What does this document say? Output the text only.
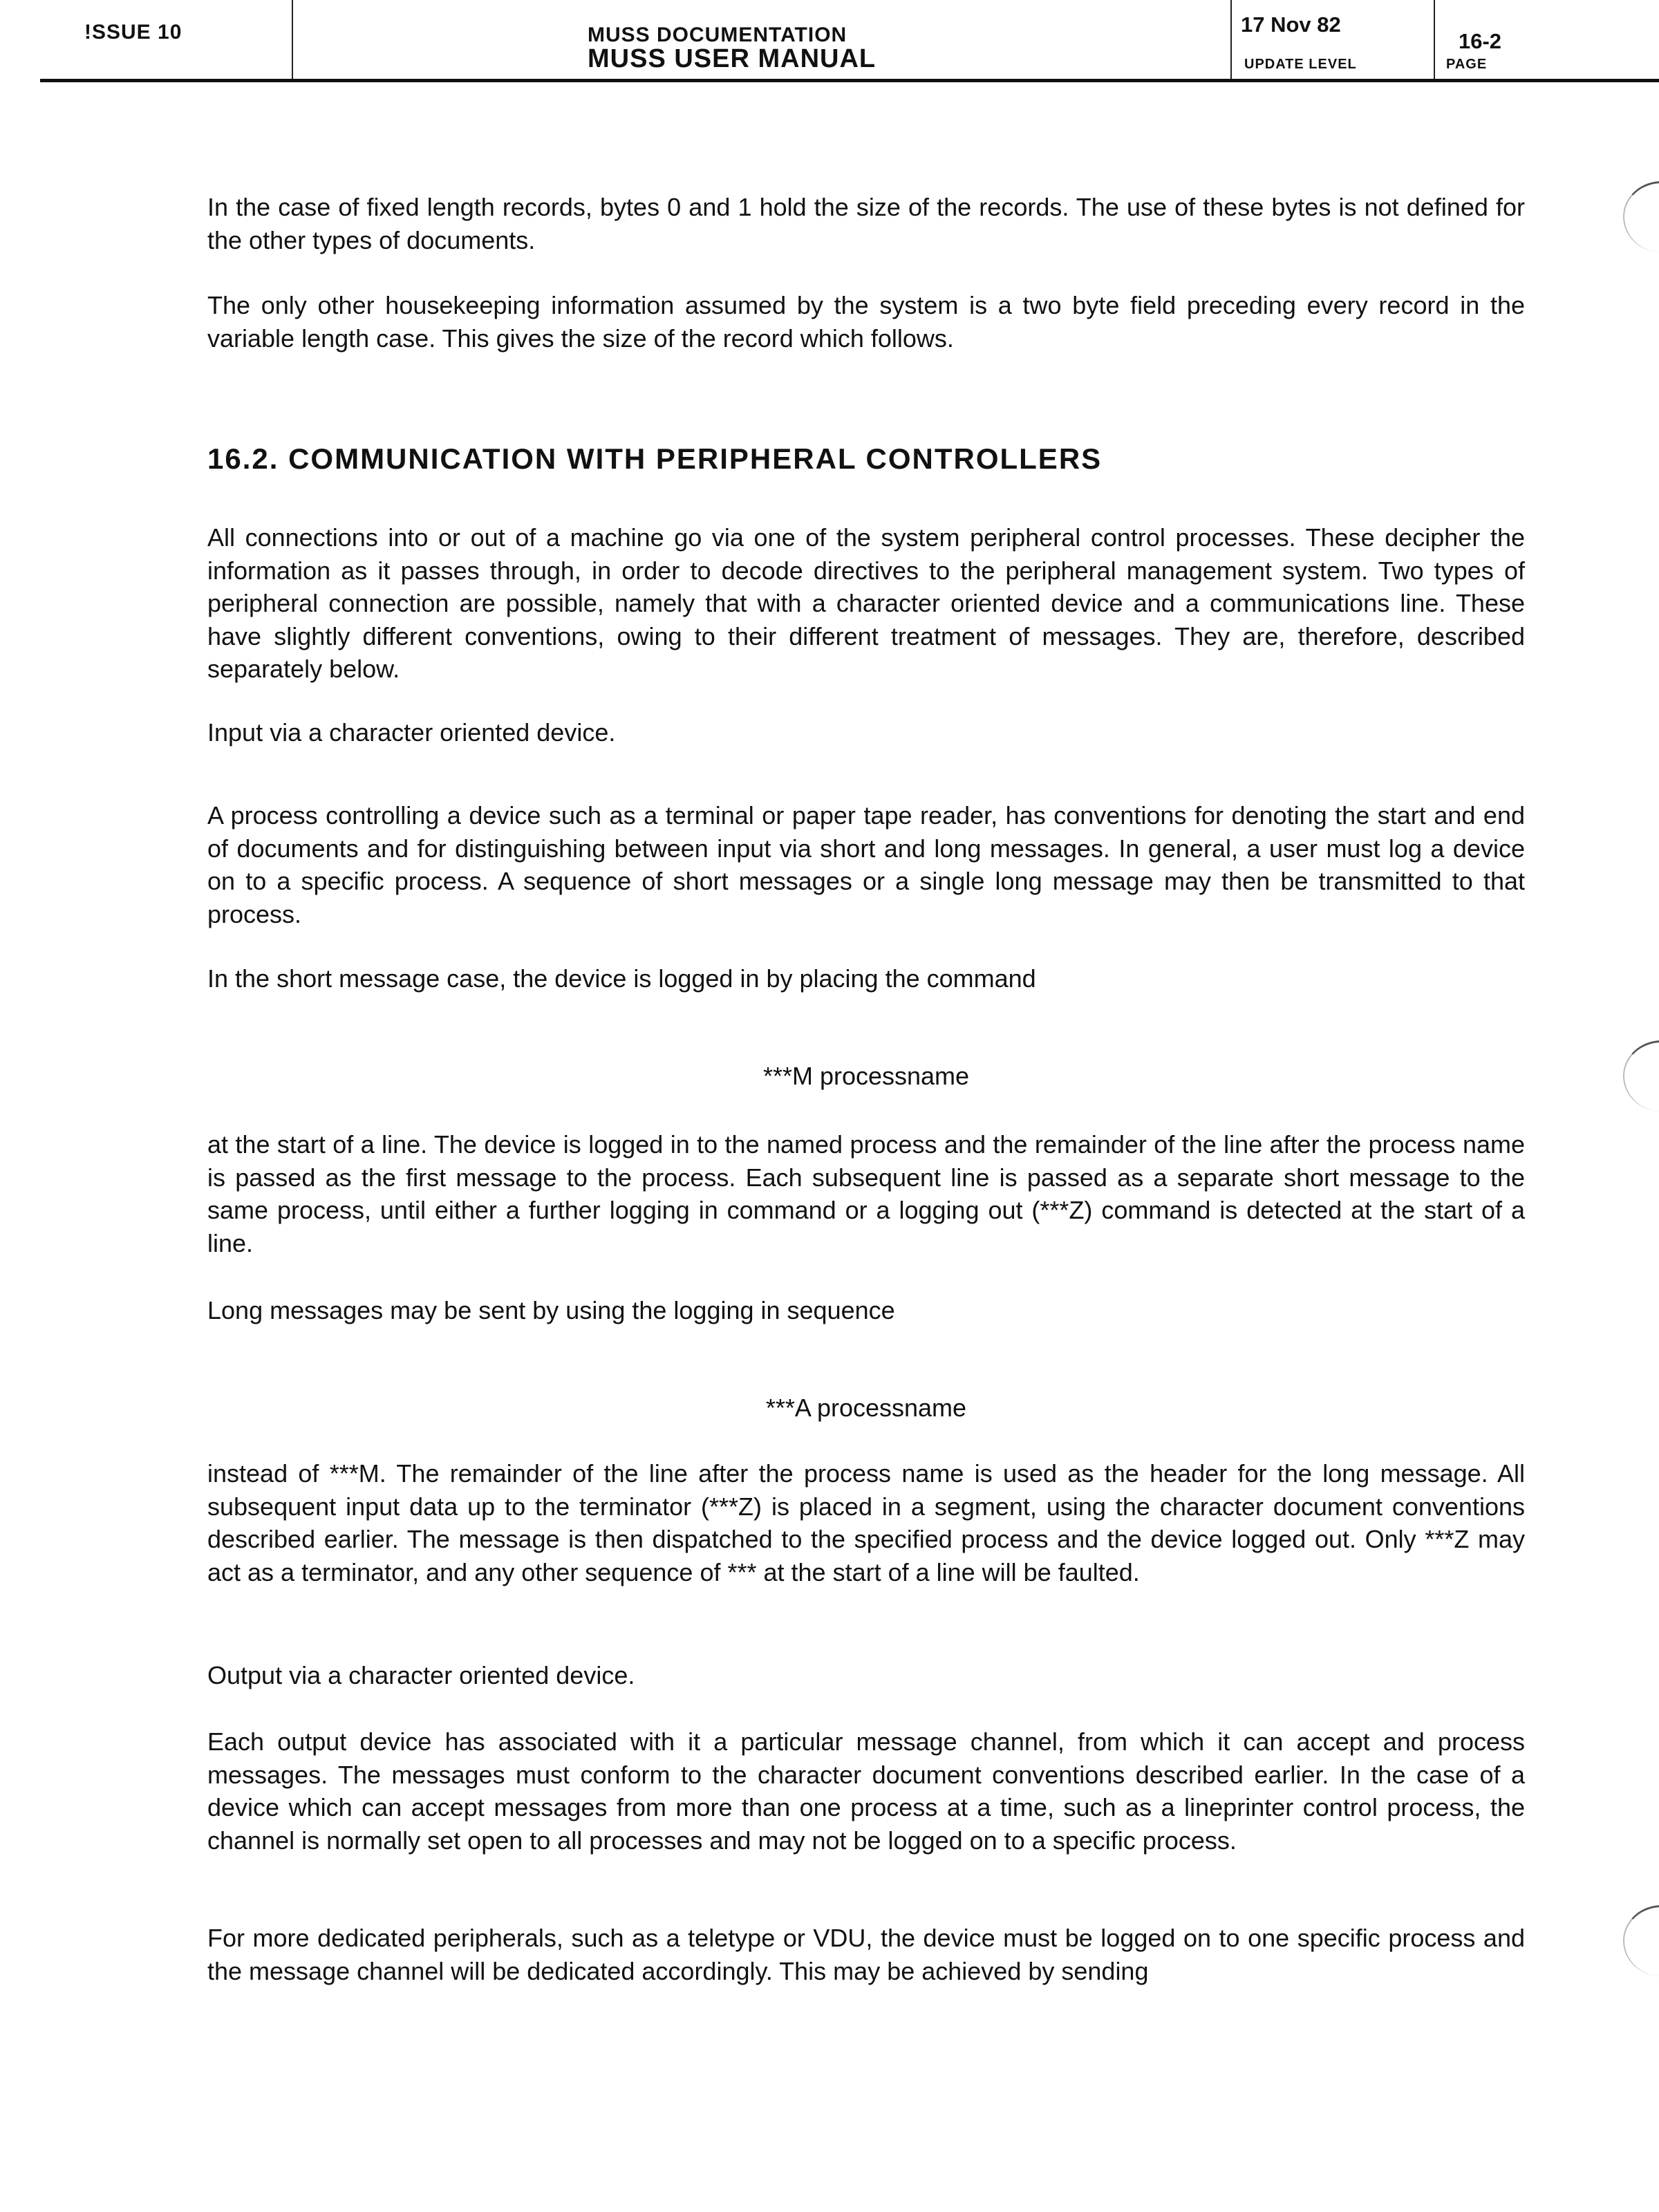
!SSUE 10	MUSS DOCUMENTATION
MUSS USER MANUAL
17 Nov 82
UPDATE LEVEL
16-2
PAGE

In the case of fixed length records, bytes 0 and 1 hold the size of the records. The use of these bytes is not defined for the other types of documents.

The only other housekeeping information assumed by the system is a two byte field preceding every record in the variable length case. This gives the size of the record which follows.

16.2. COMMUNICATION WITH PERIPHERAL CONTROLLERS

All connections into or out of a machine go via one of the system peripheral control processes. These decipher the information as it passes through, in order to decode directives to the peripheral management system. Two types of peripheral connection are possible, namely that with a character oriented device and a communications line. These have slightly different conventions, owing to their different treatment of messages. They are, therefore, described separately below.

Input via a character oriented device.

A process controlling a device such as a terminal or paper tape reader, has conventions for denoting the start and end of documents and for distinguishing between input via short and long messages. In general, a user must log a device on to a specific process. A sequence of short messages or a single long message may then be transmitted to that process.

In the short message case, the device is logged in by placing the command

***M processname

at the start of a line. The device is logged in to the named process and the remainder of the line after the process name is passed as the first message to the process. Each subsequent line is passed as a separate short message to the same process, until either a further logging in command or a logging out (***Z) command is detected at the start of a line.

Long messages may be sent by using the logging in sequence

***A processname

instead of ***M. The remainder of the line after the process name is used as the header for the long message. All subsequent input data up to the terminator (***Z) is placed in a segment, using the character document conventions described earlier. The message is then dispatched to the specified process and the device logged out. Only ***Z may act as a terminator, and any other sequence of *** at the start of a line will be faulted.

Output via a character oriented device.

Each output device has associated with it a particular message channel, from which it can accept and process messages. The messages must conform to the character document conventions described earlier. In the case of a device which can accept messages from more than one process at a time, such as a lineprinter control process, the channel is normally set open to all processes and may not be logged on to a specific process.

For more dedicated peripherals, such as a teletype or VDU, the device must be logged on to one specific process and the message channel will be dedicated accordingly. This may be achieved by sending
